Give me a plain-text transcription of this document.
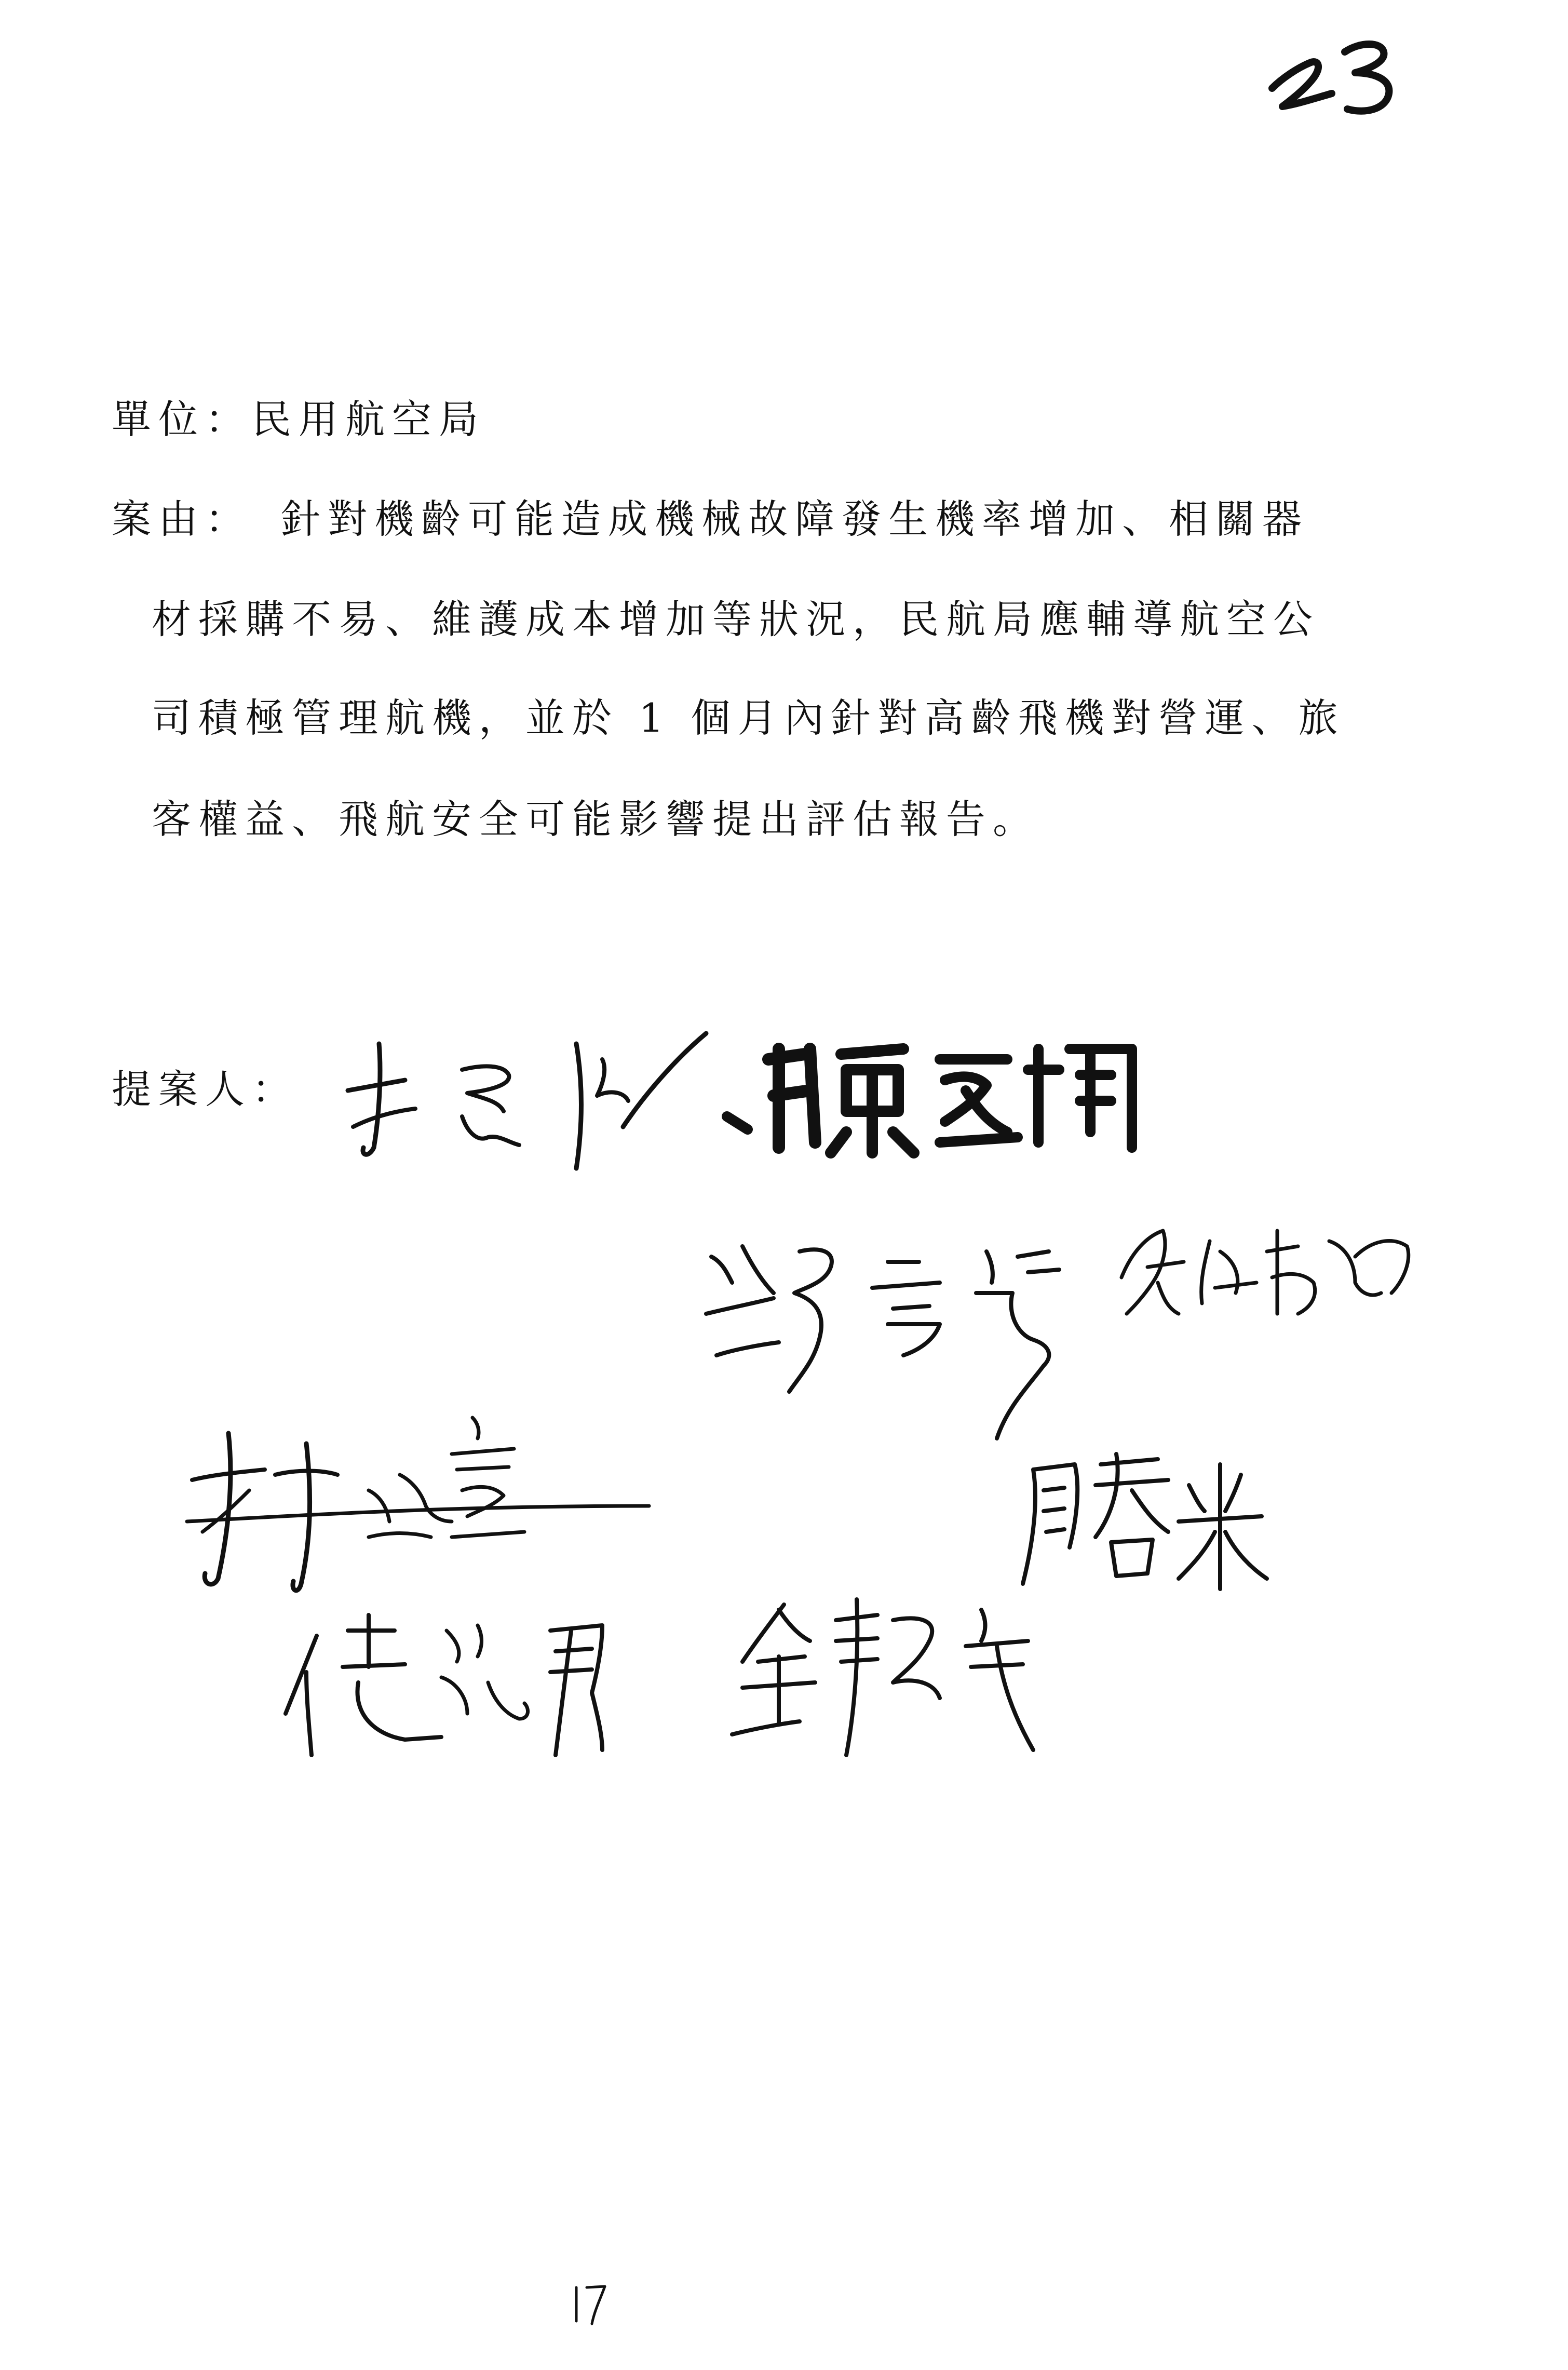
單位：民用航空局
案由： 針對機齡可能造成機械故障發生機率增加、相關器
材採購不易、維護成本增加等狀況，民航局應輔導航空公
司積極管理航機，並於 1 個月內針對高齡飛機對營運、旅
客權益、飛航安全可能影響提出評估報告。
提案人：
